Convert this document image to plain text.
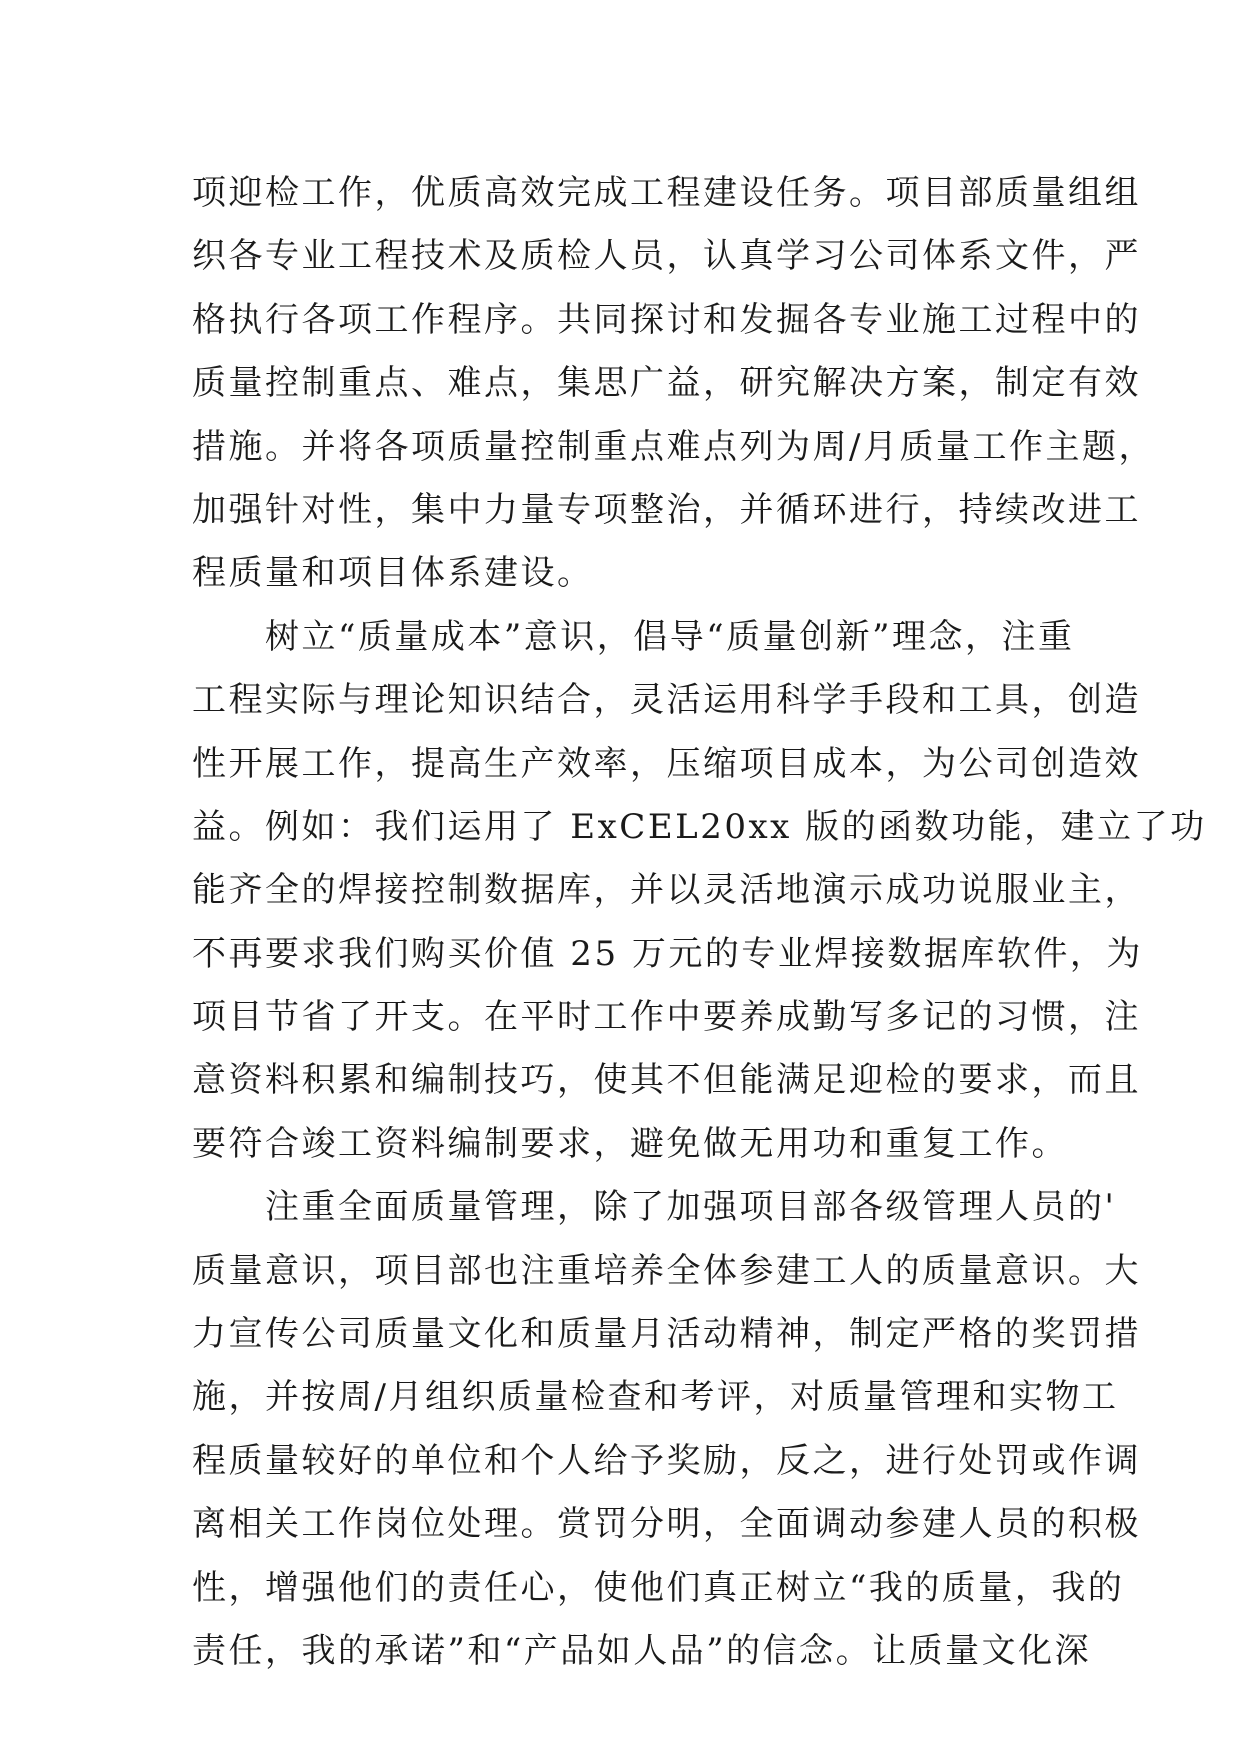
项迎检工作，优质高效完成工程建设任务。项目部质量组组
织各专业工程技术及质检人员，认真学习公司体系文件，严
格执行各项工作程序。共同探讨和发掘各专业施工过程中的
质量控制重点、难点，集思广益，研究解决方案，制定有效
措施。并将各项质量控制重点难点列为周/月质量工作主题，
加强针对性，集中力量专项整治，并循环进行，持续改进工
程质量和项目体系建设。
　　树立“质量成本”意识，倡导“质量创新”理念，注重
工程实际与理论知识结合，灵活运用科学手段和工具，创造
性开展工作，提高生产效率，压缩项目成本，为公司创造效
益。例如：我们运用了 ExCEL20xx 版的函数功能，建立了功
能齐全的焊接控制数据库，并以灵活地演示成功说服业主，
不再要求我们购买价值 25 万元的专业焊接数据库软件，为
项目节省了开支。在平时工作中要养成勤写多记的习惯，注
意资料积累和编制技巧，使其不但能满足迎检的要求，而且
要符合竣工资料编制要求，避免做无用功和重复工作。
　　注重全面质量管理，除了加强项目部各级管理人员的'
质量意识，项目部也注重培养全体参建工人的质量意识。大
力宣传公司质量文化和质量月活动精神，制定严格的奖罚措
施，并按周/月组织质量检查和考评，对质量管理和实物工
程质量较好的单位和个人给予奖励，反之，进行处罚或作调
离相关工作岗位处理。赏罚分明，全面调动参建人员的积极
性，增强他们的责任心，使他们真正树立“我的质量，我的
责任，我的承诺”和“产品如人品”的信念。让质量文化深
